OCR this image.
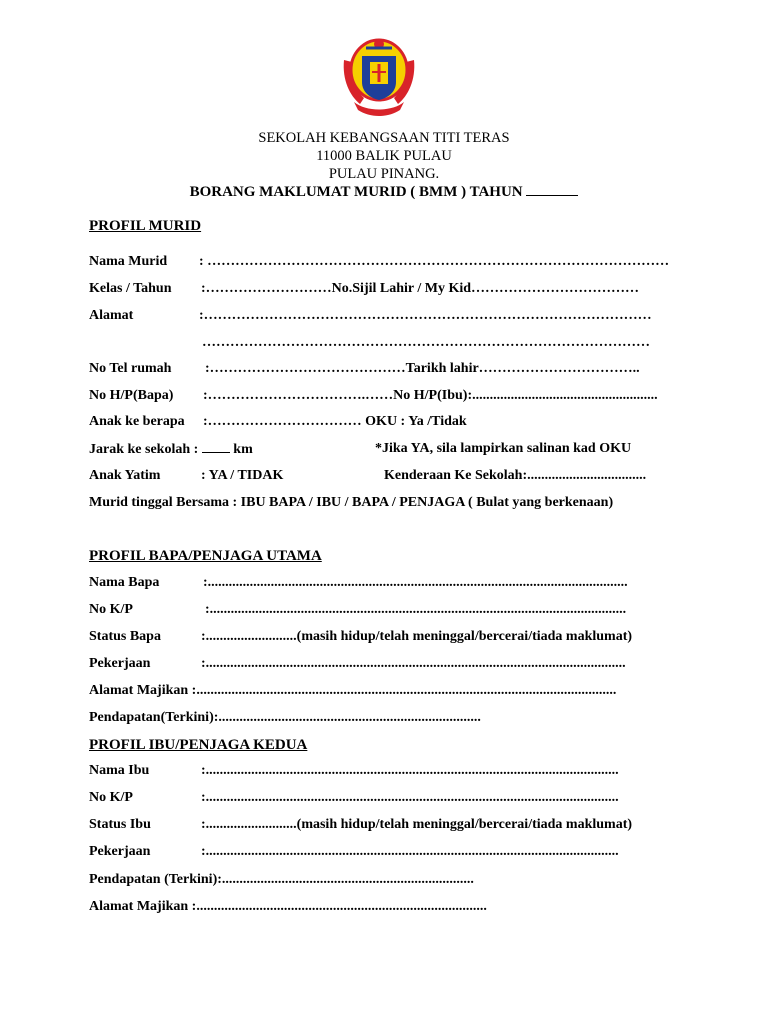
SEKOLAH KEBANGSAAN TITI TERAS
11000 BALIK PULAU
PULAU PINANG.
BORANG MAKLUMAT MURID ( BMM ) TAHUN
PROFIL MURID
Nama Murid : ………………………………………………………………………………………
Kelas / Tahun :………………………No.Sijil Lahir / My Kid………………………………
Alamat	:……………………………………………………………………………………
……………………………………………………………………………………
No Tel rumah :……………………………………Tarikh lahir……………………………..
No H/P(Bapa) :…………………………….……No H/P(Ibu):.....................................................
Anak ke berapa :…………………………… OKU : Ya /Tidak
Jarak ke sekolah :	km	*Jika YA, sila lampirkan salinan kad OKU
Anak Yatim	: YA / TIDAK	Kenderaan Ke Sekolah:..................................
Murid tinggal Bersama : IBU BAPA / IBU / BAPA / PENJAGA ( Bulat yang berkenaan)
PROFIL BAPA/PENJAGA UTAMA
Nama Bapa	:........................................................................................................................
No K/P	:.......................................................................................................................
Status Bapa	:..........................(masih hidup/telah meninggal/bercerai/tiada maklumat)
Pekerjaan	:........................................................................................................................
Alamat Majikan :........................................................................................................................
Pendapatan(Terkini):...........................................................................
PROFIL IBU/PENJAGA KEDUA
Nama Ibu	:......................................................................................................................
No K/P	:......................................................................................................................
Status Ibu	:..........................(masih hidup/telah meninggal/bercerai/tiada maklumat)
Pekerjaan	:......................................................................................................................
Pendapatan (Terkini):........................................................................
Alamat Majikan :...................................................................................
